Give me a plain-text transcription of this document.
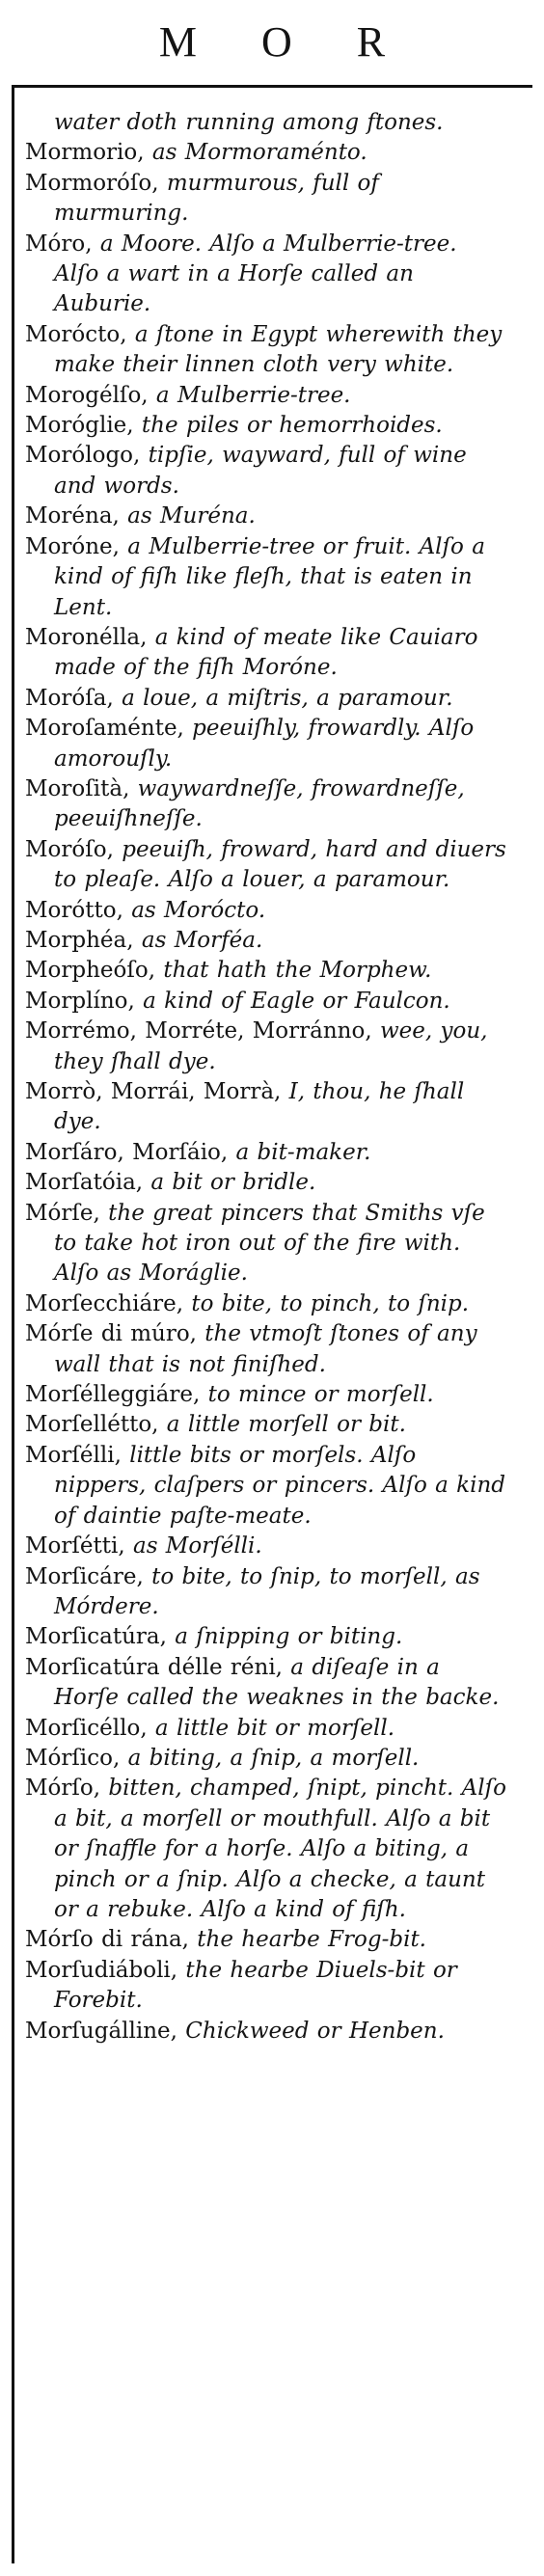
M O R
water doth running among ftones.
Mormorio, as Mormoraménto.
Mormoróſo, murmurous, full of murmuring.
Móro, a Moore. Alſo a Mulberrie-tree. Alſo a wart in a Horſe called an Auburie.
Morócto, a ſtone in Egypt wherewith they make their linnen cloth very white.
Morogélſo, a Mulberrie-tree.
Moróglie, the piles or hemorrhoides.
Morólogo, tipſie, wayward, full of wine and words.
Moréna, as Muréna.
Moróne, a Mulberrie-tree or fruit. Alſo a kind of fiſh like fleſh, that is eaten in Lent.
Moronélla, a kind of meate like Cauiaro made of the fiſh Moróne.
Moróſa, a loue, a miſtris, a paramour.
Moroſaménte, peeuiſhly, frowardly. Alſo amorouſly.
Moroſità, waywardneſſe, frowardneſſe, peeuiſhneſſe.
Moróſo, peeuiſh, froward, hard and diuers to pleaſe. Alſo a louer, a paramour.
Morótto, as Morócto.
Morphéa, as Morféa.
Morpheóſo, that hath the Morphew.
Morplíno, a kind of Eagle or Faulcon.
Morrémo, Morréte, Morránno, wee, you, they ſhall dye.
Morrò, Morrái, Morrà, I, thou, he ſhall dye.
Morſáro, Morſáio, a bit-maker.
Morſatóia, a bit or bridle.
Mórſe, the great pincers that Smiths vſe to take hot iron out of the fire with. Alſo as Moráglie.
Morſecchiáre, to bite, to pinch, to ſnip.
Mórſe di múro, the vtmoſt ſtones of any wall that is not finiſhed.
Morſélleggiáre, to mince or morſell.
Morſellétto, a little morſell or bit.
Morſélli, little bits or morſels. Alſo nippers, claſpers or pincers. Alſo a kind of daintie paſte-meate.
Morſétti, as Morſélli.
Morſicáre, to bite, to ſnip, to morſell, as Mórdere.
Morſicatúra, a ſnipping or biting.
Morſicatúra délle réni, a diſeaſe in a Horſe called the weaknes in the backe.
Morſicéllo, a little bit or morſell.
Mórſico, a biting, a ſnip, a morſell.
Mórſo, bitten, champed, ſnipt, pincht. Alſo a bit, a morſell or mouthfull. Alſo a bit or ſnaffle for a horſe. Alſo a biting, a pinch or a ſnip. Alſo a checke, a taunt or a rebuke. Alſo a kind of fiſh.
Mórſo di rána, the hearbe Frog-bit.
Morſudiáboli, the hearbe Diuels-bit or Forebit.
Morſugálline, Chickweed or Henben.
